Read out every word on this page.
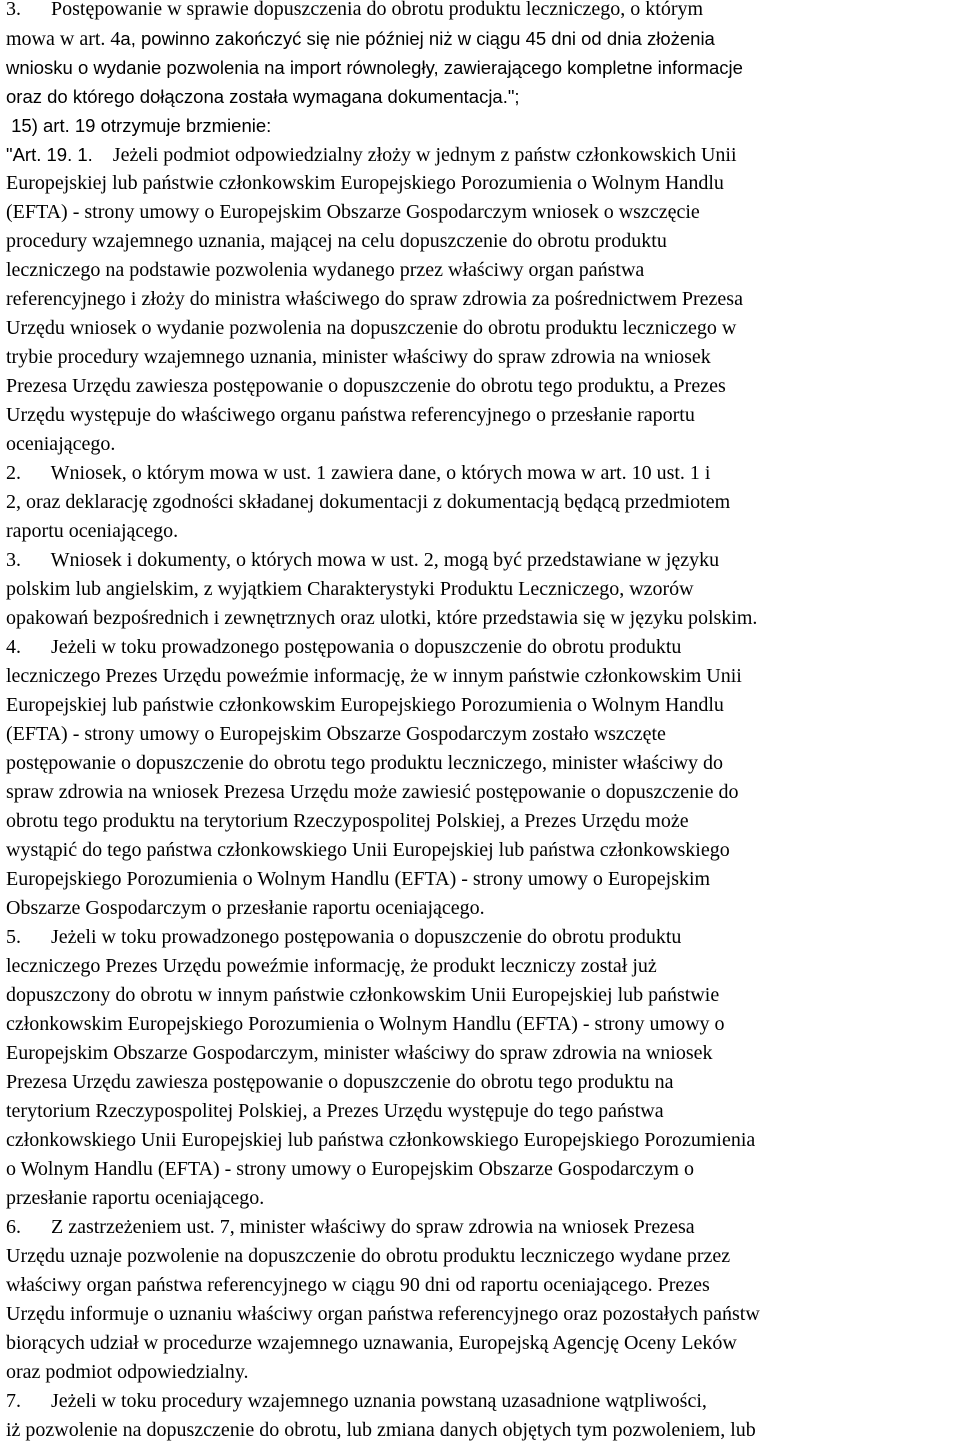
3.      Postępowanie w sprawie dopuszczenia do obrotu produktu leczniczego, o którym
mowa w art. 4a, powinno zakończyć się nie później niż w ciągu 45 dni od dnia złożenia
wniosku o wydanie pozwolenia na import równoległy, zawierającego kompletne informacje
oraz do którego dołączona została wymagana dokumentacja.";
15) art. 19 otrzymuje brzmienie:
"Art. 19. 1.    Jeżeli podmiot odpowiedzialny złoży w jednym z państw członkowskich Unii
Europejskiej lub państwie członkowskim Europejskiego Porozumienia o Wolnym Handlu
(EFTA) - strony umowy o Europejskim Obszarze Gospodarczym wniosek o wszczęcie
procedury wzajemnego uznania, mającej na celu dopuszczenie do obrotu produktu
leczniczego na podstawie pozwolenia wydanego przez właściwy organ państwa
referencyjnego i złoży do ministra właściwego do spraw zdrowia za pośrednictwem Prezesa
Urzędu wniosek o wydanie pozwolenia na dopuszczenie do obrotu produktu leczniczego w
trybie procedury wzajemnego uznania, minister właściwy do spraw zdrowia na wniosek
Prezesa Urzędu zawiesza postępowanie o dopuszczenie do obrotu tego produktu, a Prezes
Urzędu występuje do właściwego organu państwa referencyjnego o przesłanie raportu
oceniającego.
2.      Wniosek, o którym mowa w ust. 1 zawiera dane, o których mowa w art. 10 ust. 1 i
2, oraz deklarację zgodności składanej dokumentacji z dokumentacją będącą przedmiotem
raportu oceniającego.
3.      Wniosek i dokumenty, o których mowa w ust. 2, mogą być przedstawiane w języku
polskim lub angielskim, z wyjątkiem Charakterystyki Produktu Leczniczego, wzorów
opakowań bezpośrednich i zewnętrznych oraz ulotki, które przedstawia się w języku polskim.
4.      Jeżeli w toku prowadzonego postępowania o dopuszczenie do obrotu produktu
leczniczego Prezes Urzędu poweźmie informację, że w innym państwie członkowskim Unii
Europejskiej lub państwie członkowskim Europejskiego Porozumienia o Wolnym Handlu
(EFTA) - strony umowy o Europejskim Obszarze Gospodarczym zostało wszczęte
postępowanie o dopuszczenie do obrotu tego produktu leczniczego, minister właściwy do
spraw zdrowia na wniosek Prezesa Urzędu może zawiesić postępowanie o dopuszczenie do
obrotu tego produktu na terytorium Rzeczypospolitej Polskiej, a Prezes Urzędu może
wystąpić do tego państwa członkowskiego Unii Europejskiej lub państwa członkowskiego
Europejskiego Porozumienia o Wolnym Handlu (EFTA) - strony umowy o Europejskim
Obszarze Gospodarczym o przesłanie raportu oceniającego.
5.      Jeżeli w toku prowadzonego postępowania o dopuszczenie do obrotu produktu
leczniczego Prezes Urzędu poweźmie informację, że produkt leczniczy został już
dopuszczony do obrotu w innym państwie członkowskim Unii Europejskiej lub państwie
członkowskim Europejskiego Porozumienia o Wolnym Handlu (EFTA) - strony umowy o
Europejskim Obszarze Gospodarczym, minister właściwy do spraw zdrowia na wniosek
Prezesa Urzędu zawiesza postępowanie o dopuszczenie do obrotu tego produktu na
terytorium Rzeczypospolitej Polskiej, a Prezes Urzędu występuje do tego państwa
członkowskiego Unii Europejskiej lub państwa członkowskiego Europejskiego Porozumienia
o Wolnym Handlu (EFTA) - strony umowy o Europejskim Obszarze Gospodarczym o
przesłanie raportu oceniającego.
6.      Z zastrzeżeniem ust. 7, minister właściwy do spraw zdrowia na wniosek Prezesa
Urzędu uznaje pozwolenie na dopuszczenie do obrotu produktu leczniczego wydane przez
właściwy organ państwa referencyjnego w ciągu 90 dni od raportu oceniającego. Prezes
Urzędu informuje o uznaniu właściwy organ państwa referencyjnego oraz pozostałych państw
biorących udział w procedurze wzajemnego uznawania, Europejską Agencję Oceny Leków
oraz podmiot odpowiedzialny.
7.      Jeżeli w toku procedury wzajemnego uznania powstaną uzasadnione wątpliwości,
iż pozwolenie na dopuszczenie do obrotu, lub zmiana danych objętych tym pozwoleniem, lub
